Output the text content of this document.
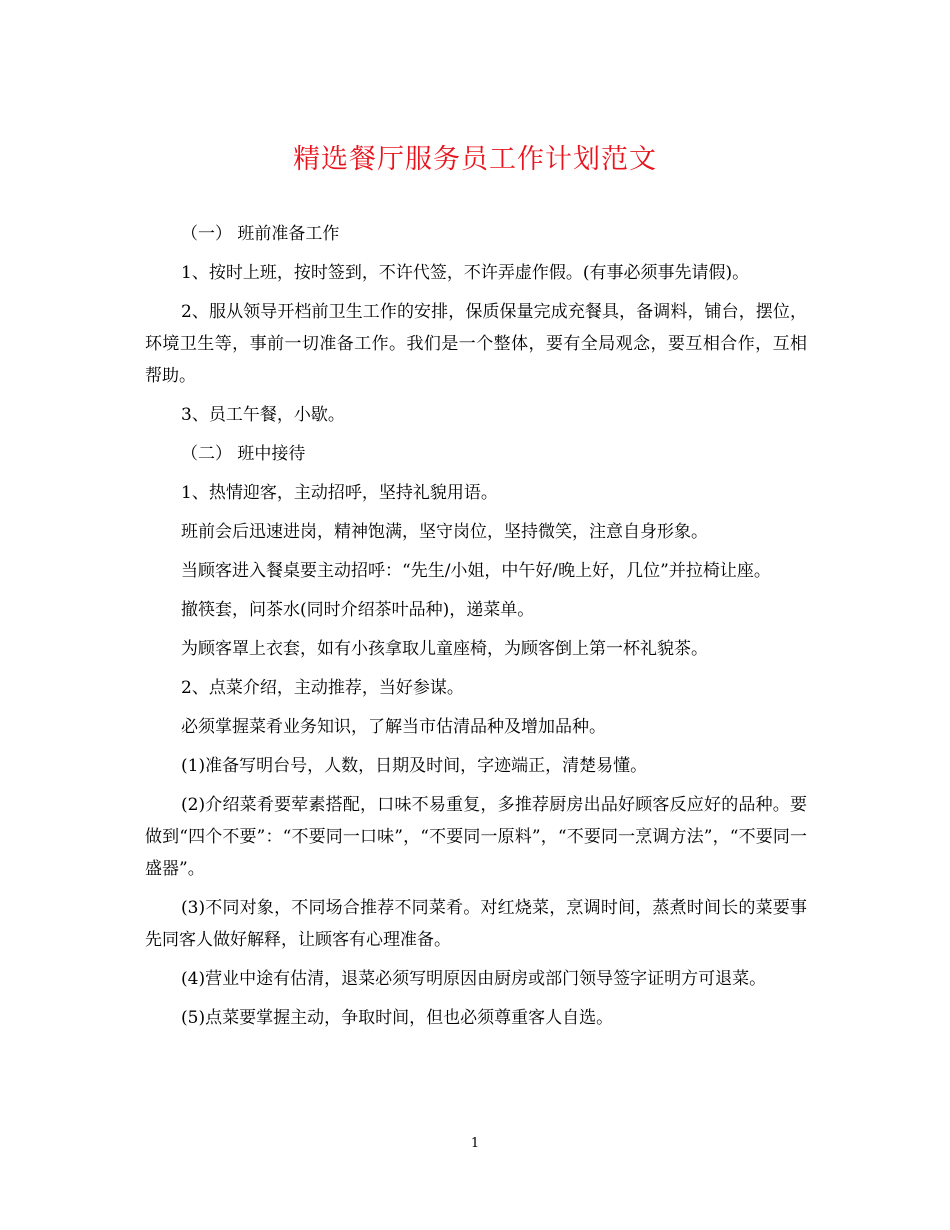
精选餐厅服务员工作计划范文

（一） 班前准备工作

1、按时上班，按时签到，不许代签，不许弄虚作假。(有事必须事先请假)。

2、服从领导开档前卫生工作的安排，保质保量完成充餐具，备调料，铺台，摆位，环境卫生等，事前一切准备工作。我们是一个整体，要有全局观念，要互相合作，互相帮助。

3、员工午餐，小歇。

（二） 班中接待

1、热情迎客，主动招呼，坚持礼貌用语。

班前会后迅速进岗，精神饱满，坚守岗位，坚持微笑，注意自身形象。

当顾客进入餐桌要主动招呼：“先生/小姐，中午好/晚上好，几位”并拉椅让座。

撤筷套，问茶水(同时介绍茶叶品种)，递菜单。

为顾客罩上衣套，如有小孩拿取儿童座椅，为顾客倒上第一杯礼貌茶。

2、点菜介绍，主动推荐，当好参谋。

必须掌握菜肴业务知识，了解当市估清品种及增加品种。

(1)准备写明台号，人数，日期及时间，字迹端正，清楚易懂。

(2)介绍菜肴要荤素搭配，口味不易重复，多推荐厨房出品好顾客反应好的品种。要做到“四个不要”：“不要同一口味”，“不要同一原料”，“不要同一烹调方法”，“不要同一盛器”。

(3)不同对象，不同场合推荐不同菜肴。对红烧菜，烹调时间，蒸煮时间长的菜要事先同客人做好解释，让顾客有心理准备。

(4)营业中途有估清，退菜必须写明原因由厨房或部门领导签字证明方可退菜。

(5)点菜要掌握主动，争取时间，但也必须尊重客人自选。

1
